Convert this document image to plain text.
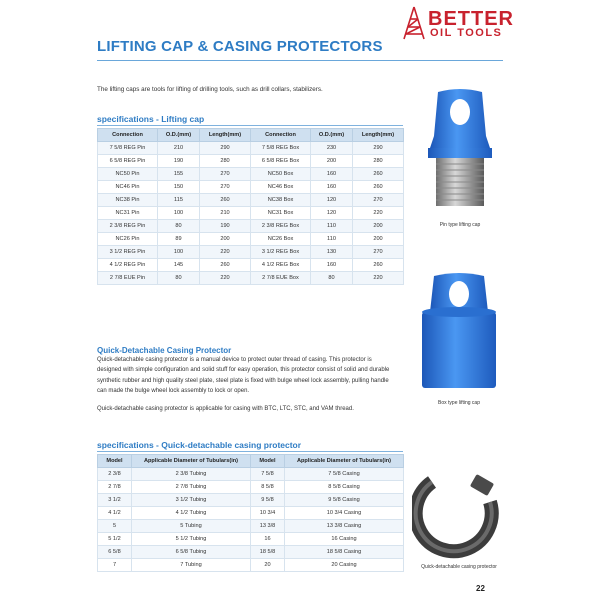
BETTER
OIL TOOLS
LIFTING CAP & CASING PROTECTORS
The lifting caps are tools for lifting of drilling tools, such as drill collars, stabilizers.
specifications - Lifting cap
Connection	O.D.(mm)	Length(mm)	Connection	O.D.(mm)	Length(mm)
7 5/8 REG Pin	210	290	7 5/8 REG Box	230	290
6 5/8 REG Pin	190	280	6 5/8 REG Box	200	280
NC50 Pin	155	270	NC50 Box	160	260
NC46 Pin	150	270	NC46 Box	160	260
NC38 Pin	115	260	NC38 Box	120	270
NC31 Pin	100	210	NC31 Box	120	220
2 3/8 REG Pin	80	190	2 3/8 REG Box	110	200
NC26 Pin	89	200	NC26 Box	110	200
3 1/2 REG Pin	100	220	3 1/2 REG Box	130	270
4 1/2 REG Pin	145	260	4 1/2 REG Box	160	260
2 7/8 EUE Pin	80	220	2 7/8 EUE Box	80	220
Pin type lifting cap
Box type lifting cap
Quick-Detachable Casing Protector
Quick-detachable casing protector is a manual device to protect outer thread of casing. This protector is designed with simple configuration and solid stuff for easy operation, this protector consist of solid and durable synthetic rubber and high quality steel plate, steel plate is fixed with bulge wheel lock assembly, pulling handle can made the bulge wheel lock assembly to lock or open.
Quick-detachable casing protector is applicable for casing with BTC, LTC, STC, and VAM thread.
specifications - Quick-detachable casing protector
Model	Applicable Diameter of Tubulars(in)	Model	Applicable Diameter of Tubulars(in)
2 3/8	2 3/8 Tubing	7 5/8	7 5/8 Casing
2 7/8	2 7/8 Tubing	8 5/8	8 5/8 Casing
3 1/2	3 1/2 Tubing	9 5/8	9 5/8 Casing
4 1/2	4 1/2 Tubing	10 3/4	10 3/4 Casing
5	5 Tubing	13 3/8	13 3/8 Casing
5 1/2	5 1/2 Tubing	16	16 Casing
6 5/8	6 5/8 Tubing	18 5/8	18 5/8 Casing
7	7 Tubing	20	20 Casing	Quick-detachable casing protector
22
